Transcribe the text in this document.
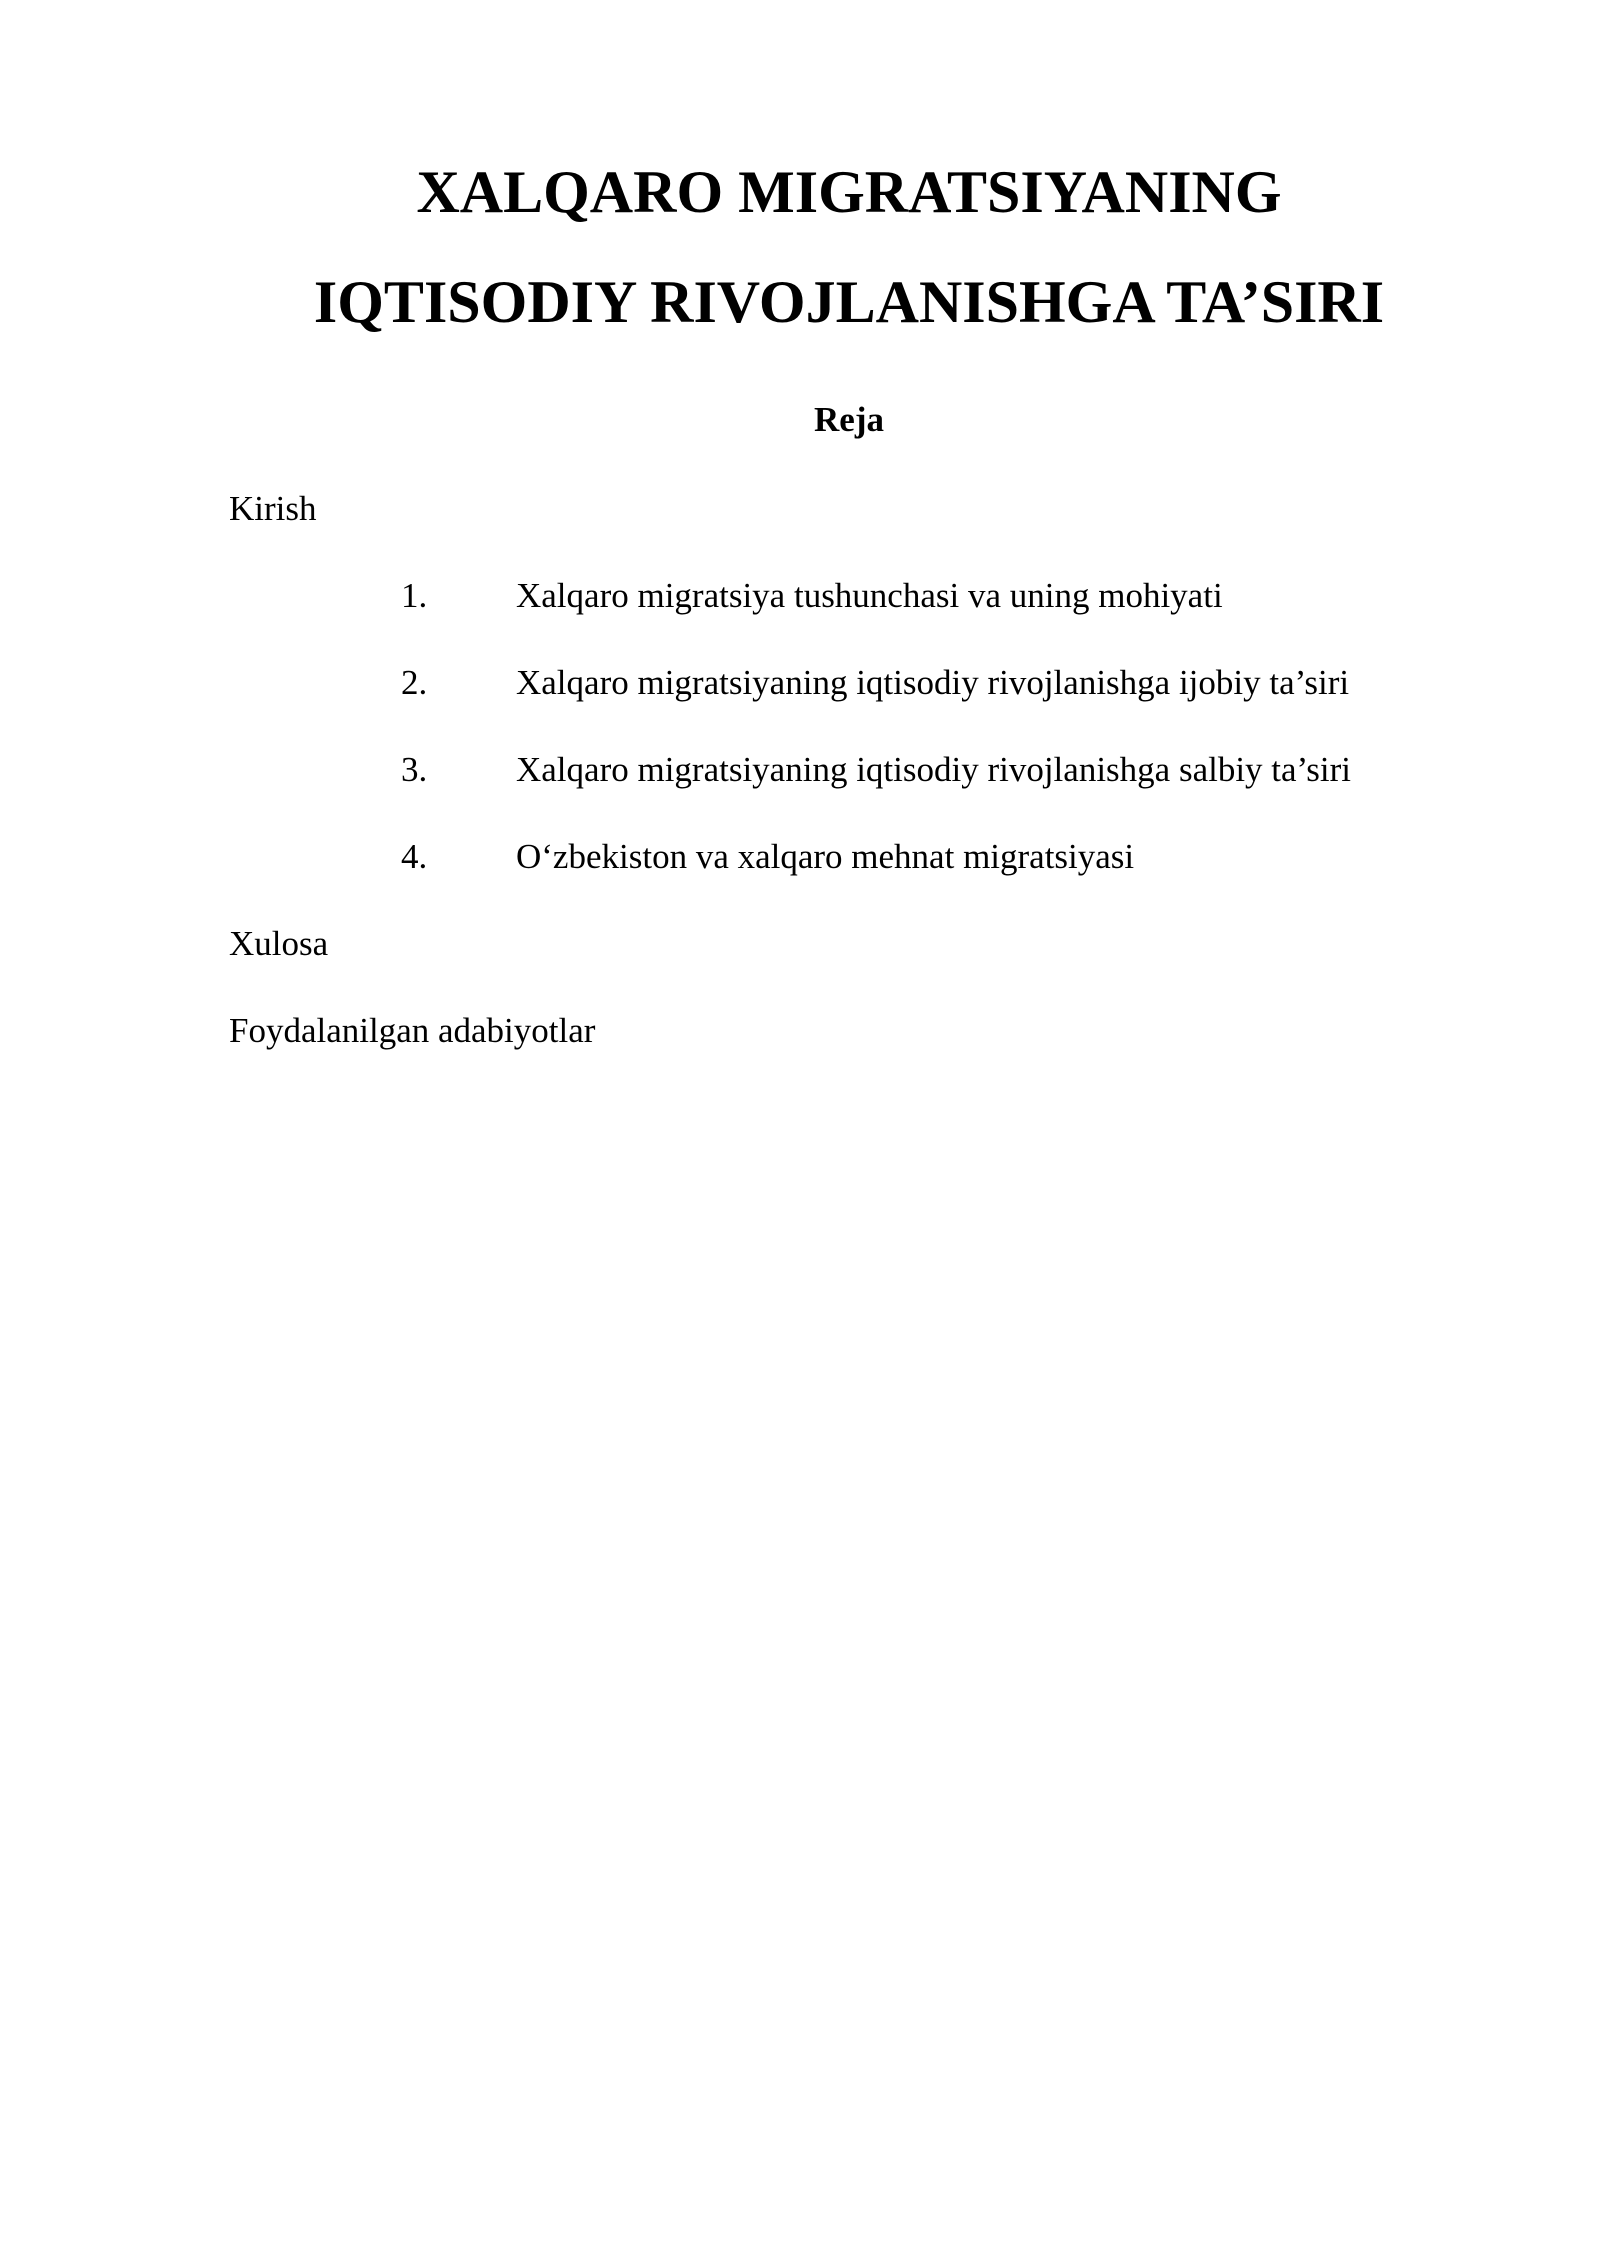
XALQARO MIGRATSIYANING
IQTISODIY RIVOJLANISHGA TA’SIRI
Reja
Kirish
1.	Xalqaro migratsiya tushunchasi va uning mohiyati
2.	Xalqaro migratsiyaning iqtisodiy rivojlanishga ijobiy ta’siri
3.	Xalqaro migratsiyaning iqtisodiy rivojlanishga salbiy ta’siri
4.	O‘zbekiston va xalqaro mehnat migratsiyasi
Xulosa
Foydalanilgan adabiyotlar
